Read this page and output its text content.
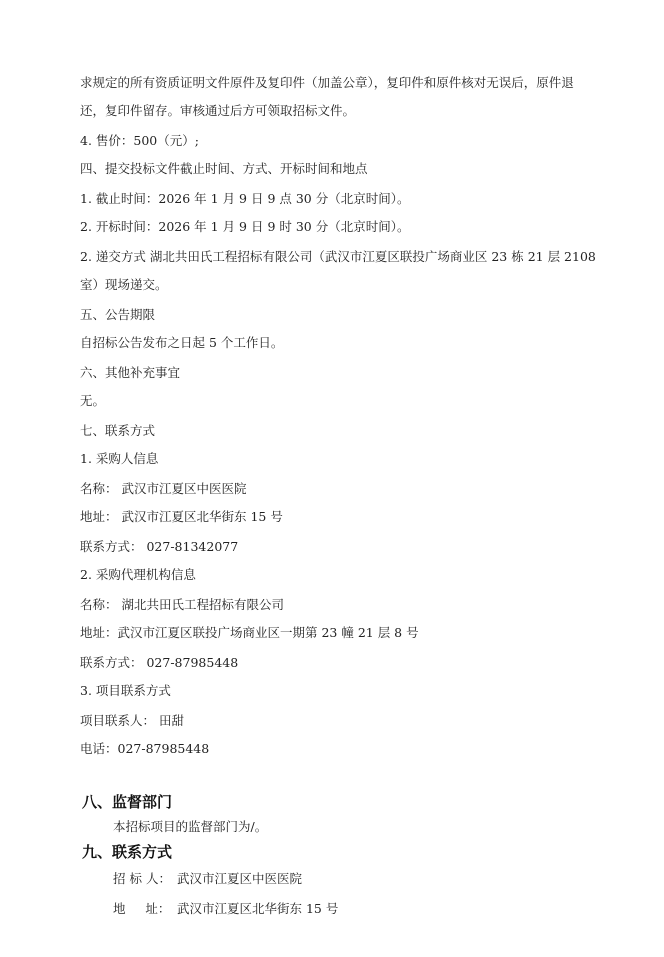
求规定的所有资质证明文件原件及复印件（加盖公章），复印件和原件核对无误后，原件退
还，复印件留存。审核通过后方可领取招标文件。
4. 售价：500（元）;
四、提交投标文件截止时间、方式、开标时间和地点
1. 截止时间：2026 年 1 月 9 日 9 点 30 分（北京时间）。
2. 开标时间：2026 年 1 月 9 日 9 时 30 分（北京时间）。
2. 递交方式 湖北共田氏工程招标有限公司（武汉市江夏区联投广场商业区 23 栋 21 层 2108
室）现场递交。
五、公告期限
自招标公告发布之日起 5 个工作日。
六、其他补充事宜
无。
七、联系方式
1. 采购人信息
名称： 武汉市江夏区中医医院
地址： 武汉市江夏区北华街东 15 号
联系方式： 027-81342077
2. 采购代理机构信息
名称： 湖北共田氏工程招标有限公司
地址：武汉市江夏区联投广场商业区一期第 23 幢 21 层 8 号
联系方式： 027-87985448
3. 项目联系方式
项目联系人： 田甜
电话：027-87985448
八、监督部门
本招标项目的监督部门为/。
九、联系方式
招 标 人： 武汉市江夏区中医医院
地     址： 武汉市江夏区北华街东 15 号
